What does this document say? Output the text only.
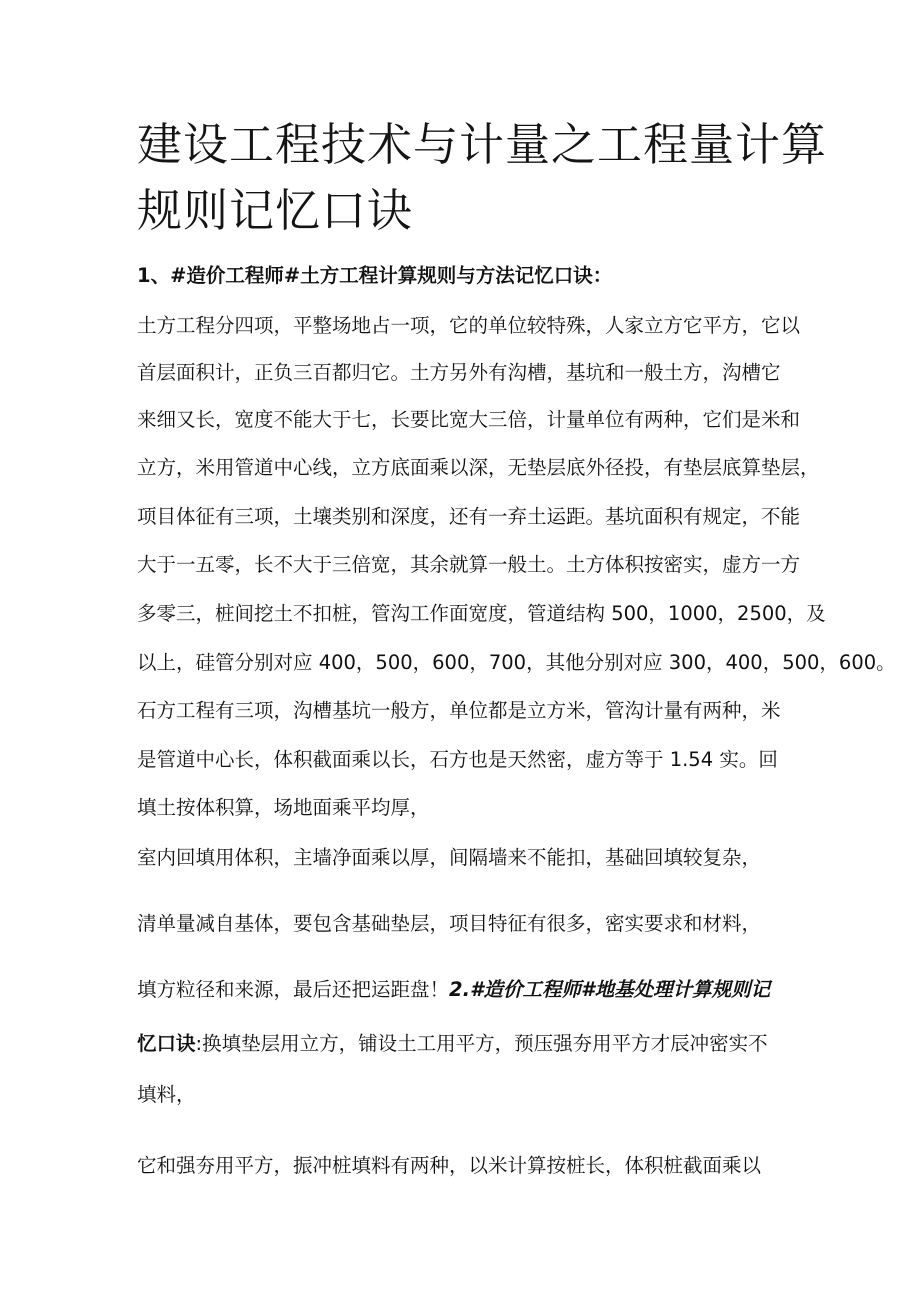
建设工程技术与计量之工程量计算
规则记忆口诀
1、#造价工程师#土方工程计算规则与方法记忆口诀：
土方工程分四项，平整场地占一项，它的单位较特殊，人家立方它平方，它以
首层面积计，正负三百都归它。土方另外有沟槽，基坑和一般土方，沟槽它
来细又长，宽度不能大于七，长要比宽大三倍，计量单位有两种，它们是米和
立方，米用管道中心线，立方底面乘以深，无垫层底外径投，有垫层底算垫层，
项目体征有三项，土壤类别和深度，还有一弃土运距。基坑面积有规定，不能
大于一五零，长不大于三倍宽，其余就算一般土。土方体积按密实，虚方一方
多零三，桩间挖土不扣桩，管沟工作面宽度，管道结构 500，1000，2500，及
以上，硅管分别对应 400，500，600，700，其他分别对应 300，400，500，600。
石方工程有三项，沟槽基坑一般方，单位都是立方米，管沟计量有两种，米
是管道中心长，体积截面乘以长，石方也是天然密，虚方等于 1.54 实。回
填土按体积算，场地面乘平均厚，
室内回填用体积，主墙净面乘以厚，间隔墙来不能扣，基础回填较复杂，
清单量减自基体，要包含基础垫层，项目特征有很多，密实要求和材料，
填方粒径和来源，最后还把运距盘！2.#造价工程师#地基处理计算规则记
忆口诀:换填垫层用立方，铺设土工用平方，预压强夯用平方才辰冲密实不
填料，
它和强夯用平方，振冲桩填料有两种，以米计算按桩长，体积桩截面乘以
